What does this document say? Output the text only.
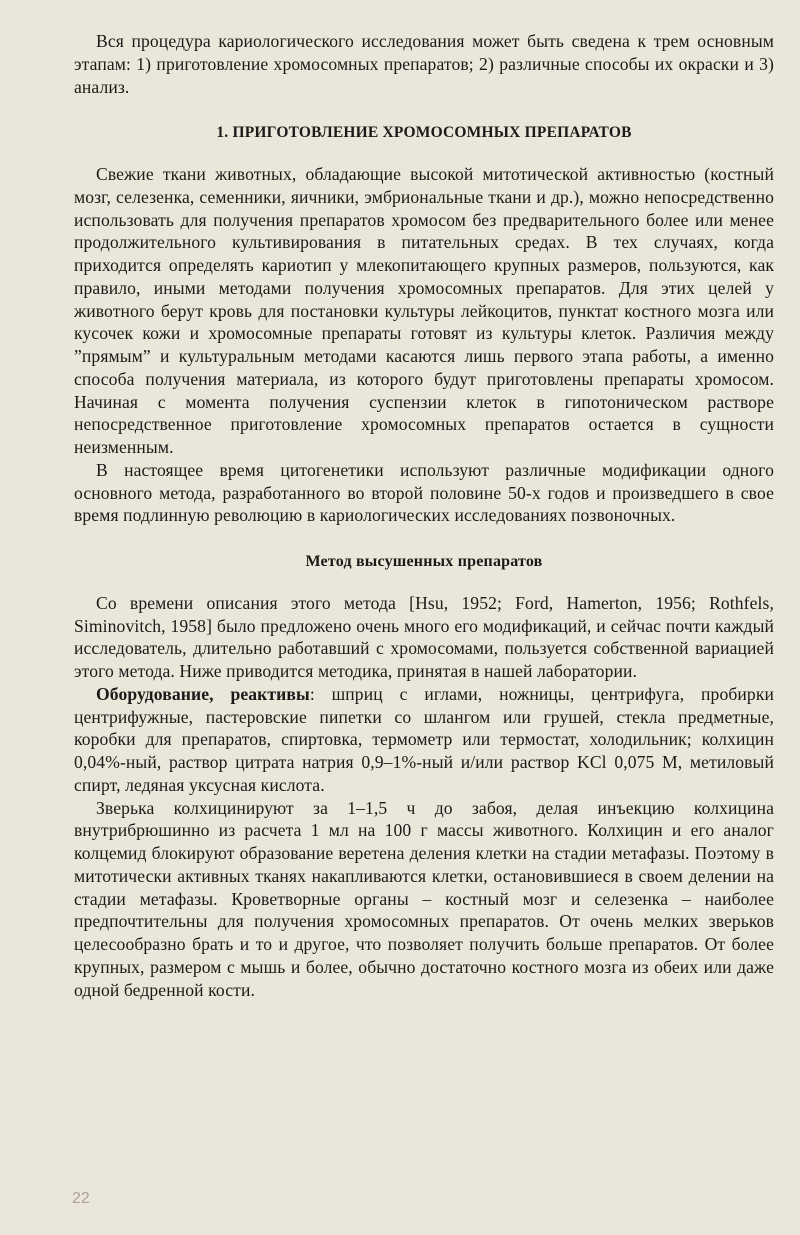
Вся процедура кариологического исследования может быть сведена к трем основным этапам: 1) приготовление хромосомных препаратов; 2) различные способы их окраски и 3) анализ.

1. ПРИГОТОВЛЕНИЕ ХРОМОСОМНЫХ ПРЕПАРАТОВ

Свежие ткани животных, обладающие высокой митотической активностью (костный мозг, селезенка, семенники, яичники, эмбриональные ткани и др.), можно непосредственно использовать для получения препаратов хромосом без предварительного более или менее продолжительного культивирования в питательных средах. В тех случаях, когда приходится определять кариотип у млекопитающего крупных размеров, пользуются, как правило, иными методами получения хромосомных препаратов. Для этих целей у животного берут кровь для постановки культуры лейкоцитов, пунктат костного мозга или кусочек кожи и хромосомные препараты готовят из культуры клеток. Различия между ”прямым” и культуральным методами касаются лишь первого этапа работы, а именно способа получения материала, из которого будут приготовлены препараты хромосом. Начиная с момента получения суспензии клеток в гипотоническом растворе непосредственное приготовление хромосомных препаратов остается в сущности неизменным.

В настоящее время цитогенетики используют различные модификации одного основного метода, разработанного во второй половине 50-х годов и произведшего в свое время подлинную революцию в кариологических исследованиях позвоночных.

Метод высушенных препаратов

Со времени описания этого метода [Hsu, 1952; Ford, Hamerton, 1956; Rothfels, Siminovitch, 1958] было предложено очень много его модификаций, и сейчас почти каждый исследователь, длительно работавший с хромосомами, пользуется собственной вариацией этого метода. Ниже приводится методика, принятая в нашей лаборатории.

Оборудование, реактивы: шприц с иглами, ножницы, центрифуга, пробирки центрифужные, пастеровские пипетки со шлангом или грушей, стекла предметные, коробки для препаратов, спиртовка, термометр или термостат, холодильник; колхицин 0,04%-ный, раствор цитрата натрия 0,9–1%-ный и/или раствор KCl 0,075 M, метиловый спирт, ледяная уксусная кислота.

Зверька колхицинируют за 1–1,5 ч до забоя, делая инъекцию колхицина внутрибрюшинно из расчета 1 мл на 100 г массы животного. Колхицин и его аналог колцемид блокируют образование веретена деления клетки на стадии метафазы. Поэтому в митотически активных тканях накапливаются клетки, остановившиеся в своем делении на стадии метафазы. Кроветворные органы – костный мозг и селезенка – наиболее предпочтительны для получения хромосомных препаратов. От очень мелких зверьков целесообразно брать и то и другое, что позволяет получить больше препаратов. От более крупных, размером с мышь и более, обычно достаточно костного мозга из обеих или даже одной бедренной кости.

22
